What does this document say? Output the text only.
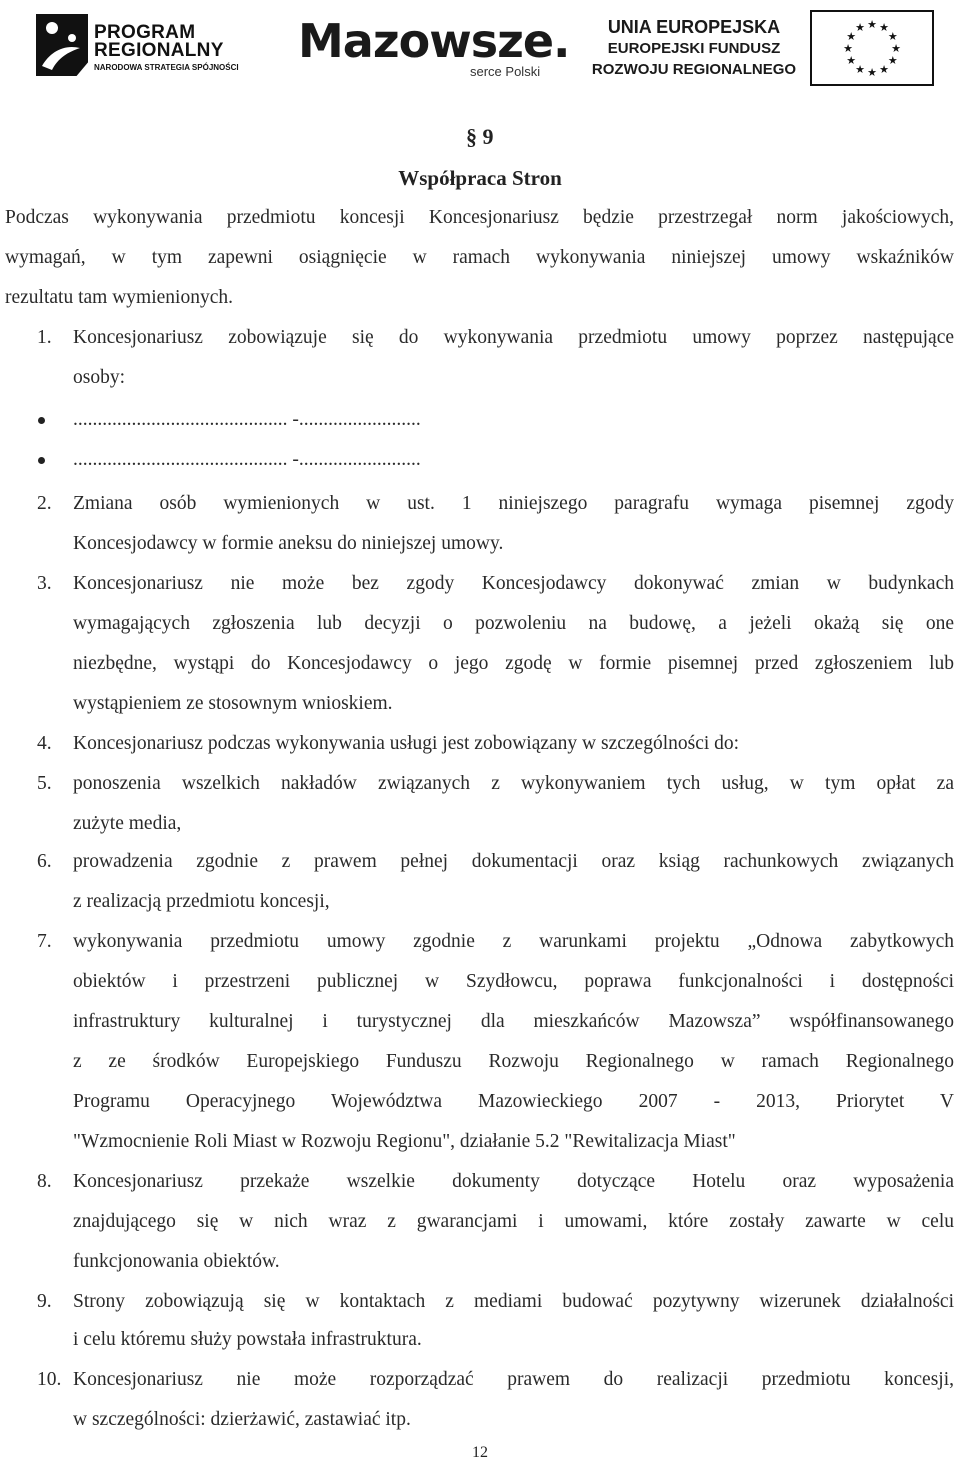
PROGRAM REGIONALNY
NARODOWA STRATEGIA SPÓJNOŚCI	Mazowsze.
serce Polski
UNIA EUROPEJSKA
EUROPEJSKI FUNDUSZ
ROZWOJU REGIONALNEGO
★ ★
★
★
★
★
★
★
★
★
★
★
§ 9
Współpraca Stron
Podczas wykonywania przedmiotu koncesji Koncesjonariusz będzie przestrzegał norm jakościowych,
wymagań, w tym zapewni osiągnięcie w ramach wykonywania niniejszej umowy wskaźników
rezultatu tam wymienionych.
1. Koncesjonariusz zobowiązuje się do wykonywania przedmiotu umowy poprzez następujące
osoby:
............................................ -.........................
............................................ -.........................
2. Zmiana osób wymienionych w ust. 1 niniejszego paragrafu wymaga pisemnej zgody
Koncesjodawcy w formie aneksu do niniejszej umowy.
3. Koncesjonariusz nie może bez zgody Koncesjodawcy dokonywać zmian w budynkach
wymagających zgłoszenia lub decyzji o pozwoleniu na budowę, a jeżeli okażą się one
niezbędne, wystąpi do Koncesjodawcy o jego zgodę w formie pisemnej przed zgłoszeniem lub
wystąpieniem ze stosownym wnioskiem.
4. Koncesjonariusz podczas wykonywania usługi jest zobowiązany w szczególności do:
5. ponoszenia wszelkich nakładów związanych z wykonywaniem tych usług, w tym opłat za
zużyte media,
6. prowadzenia zgodnie z prawem pełnej dokumentacji oraz ksiąg rachunkowych związanych
z realizacją przedmiotu koncesji,
7. wykonywania przedmiotu umowy zgodnie z warunkami projektu „Odnowa zabytkowych
obiektów i przestrzeni publicznej w Szydłowcu, poprawa funkcjonalności i dostępności
infrastruktury kulturalnej i turystycznej dla mieszkańców Mazowsza” współfinansowanego
z ze środków Europejskiego Funduszu Rozwoju Regionalnego w ramach Regionalnego
Programu Operacyjnego Województwa Mazowieckiego 2007 - 2013, Priorytet V
"Wzmocnienie Roli Miast w Rozwoju Regionu", działanie 5.2 "Rewitalizacja Miast"
8. Koncesjonariusz przekaże wszelkie dokumenty dotyczące Hotelu oraz wyposażenia
znajdującego się w nich wraz z gwarancjami i umowami, które zostały zawarte w celu
funkcjonowania obiektów.
9. Strony zobowiązują się w kontaktach z mediami budować pozytywny wizerunek działalności
i celu któremu służy powstała infrastruktura.
10. Koncesjonariusz nie może rozporządzać prawem do realizacji przedmiotu koncesji,
w szczególności: dzierżawić, zastawiać itp.
12
